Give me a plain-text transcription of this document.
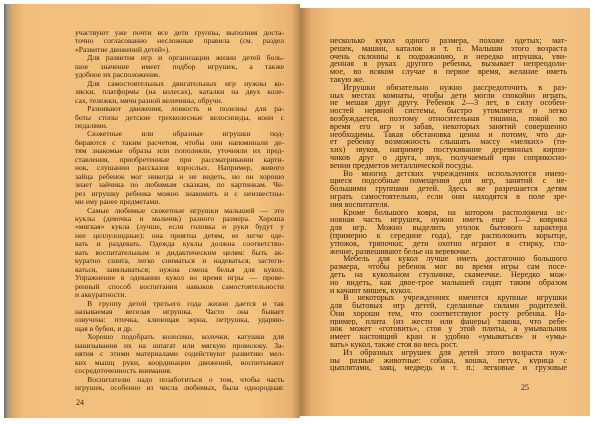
участвуют уже почти все дети группы, выполняя доста-
точно согласованно несложные правила (см. раздел
«Развитие движений детей»).
Для развития игр и организации жизни детей боль-
шое значение имеет подбор игрушек, а также
удобное их расположение.
Для самостоятельных двигательных игр нужны ко-
ляски, платформы (на колесах), каталки на двух коле-
сах, тележки, мячи разной величины, обручи.
Развивают движения, ловкость и полезны для ра-
боты стопы детские трехколесные велосипеды, кони с
педалями.
Сюжетные или образные игрушки под-
бираются с таким расчетом, чтобы они напоминали де-
тям знакомые образы или пополняли, уточняли их пред-
ставления, приобретенные при рассматривании карти-
нок, слушании рассказов взрослых. Например, живого
зайца ребенок мог никогда и не видеть, но он хорошо
знает зайчика по любимым сказкам, по картинкам. Че-
рез игрушку ребенка можно знакомить и с неизвестны-
ми ему ранее предметами.
Самые любимые сюжетные игрушки малышей — это
куклы (девочка и мальчик) разного размера. Хороша
«мягкая» кукла (лучше, если головка и руки будут у
нее целлулоидные): она приятна детям, ее легче оде-
вать и раздевать. Одежда куклы должна соответство-
вать воспитательным и дидактическим целям: быть ак-
куратно сшита, легко сниматься и надеваться, застеги-
ваться, завязываться; нужна смена белья для кукол.
Упражнение в одевании кукол во время игры — прове-
ренный способ воспитания навыков самостоятельности
и аккуратности.
В группу детей третьего года жизни дается и так
называемая веселая игрушка. Часто она бывает
озвучена: птичка, клюющая зерна, петрушка, ударяю-
щая в бубен, и др.
Хорошо подобрать колесики, колечки, катушки для
нанизывания их на шпагат или мягкую проволоку. За-
нятия с этими материалами содействуют развитию мел-
ких мышц руки, координации движений, воспитывают
сосредоточенность внимания.
Воспитателю надо позаботиться о том, чтобы часть
игрушек, особенно из числа любимых, была однородная:
24
несколько кукол одного размера, похоже одетых; мат-
решек, машин, каталок и т. п. Малыши этого возраста
очень склонны к подражанию, и нередко игрушка, уви-
денная в руках другого ребенка, вызывает непреодоли-
мое, во всяком случае в первое время, желание иметь
такую же.
Игрушки обязательно нужно рассредоточить в раз-
ных местах комнаты, чтобы дети могли спокойно играть,
не мешая друг другу. Ребенок 2—3 лет, в силу особен-
ностей нервной системы, быстро утомляется и легко
возбуждается, поэтому относительная тишина, покой во
время его игр и забав, некоторых занятий совершенно
необходимы. Такая обстановка ценна и потому, что да-
ет ребенку возможность слышать массу «мелких» (ти-
хих) звуков, например постукивание деревянных кирпи-
чиков друг о друга, звук, получаемый при соприкосно-
вении предметов металлической посуды.
Во многих детских учреждениях используются имею-
щиеся подсобные помещения для игр, занятий с не-
большими группами детей. Здесь же разрешается детям
играть самостоятельно, если они находятся в поле зре-
ния воспитателя.
Кроме большого ковра, на котором расположена ос-
новная часть игрушек, нужно иметь еще 1—2 коврика
для игр. Можно выделить уголок бытового характера
(примерно к середине года), где расположить корытце,
утюжок, тряпочки; дети охотно играют в стирку, гла-
жение, развешивают белье на веревочке.
Мебель для кукол лучше иметь достаточно большого
размера, чтобы ребенок мог во время игры сам посе-
деть на кукольном стульчике, скамеечке. Нередко мож-
но видеть, как двое-трое малышей сидят таким образом
и качают мишек, кукол.
В некоторых учреждениях имеются крупные игрушки
для бытовых игр детей, сделанные силами родителей.
Они хороши тем, что соответствуют росту ребенка. На-
пример, плита (из жести или фанеры) такова, что ребе-
нок может «готовить», стоя у этой плиты, а умывальник
имеет настоящий кран и удобно «умываться» и «умы-
вать» кукол, также стоя во весь рост.
Из образных игрушек для детей этого возраста нуж-
ны разные животные: собака, кошка, петух, курица с
цыплятами, заяц, медведь и т. п.; легковые и грузовые
25
